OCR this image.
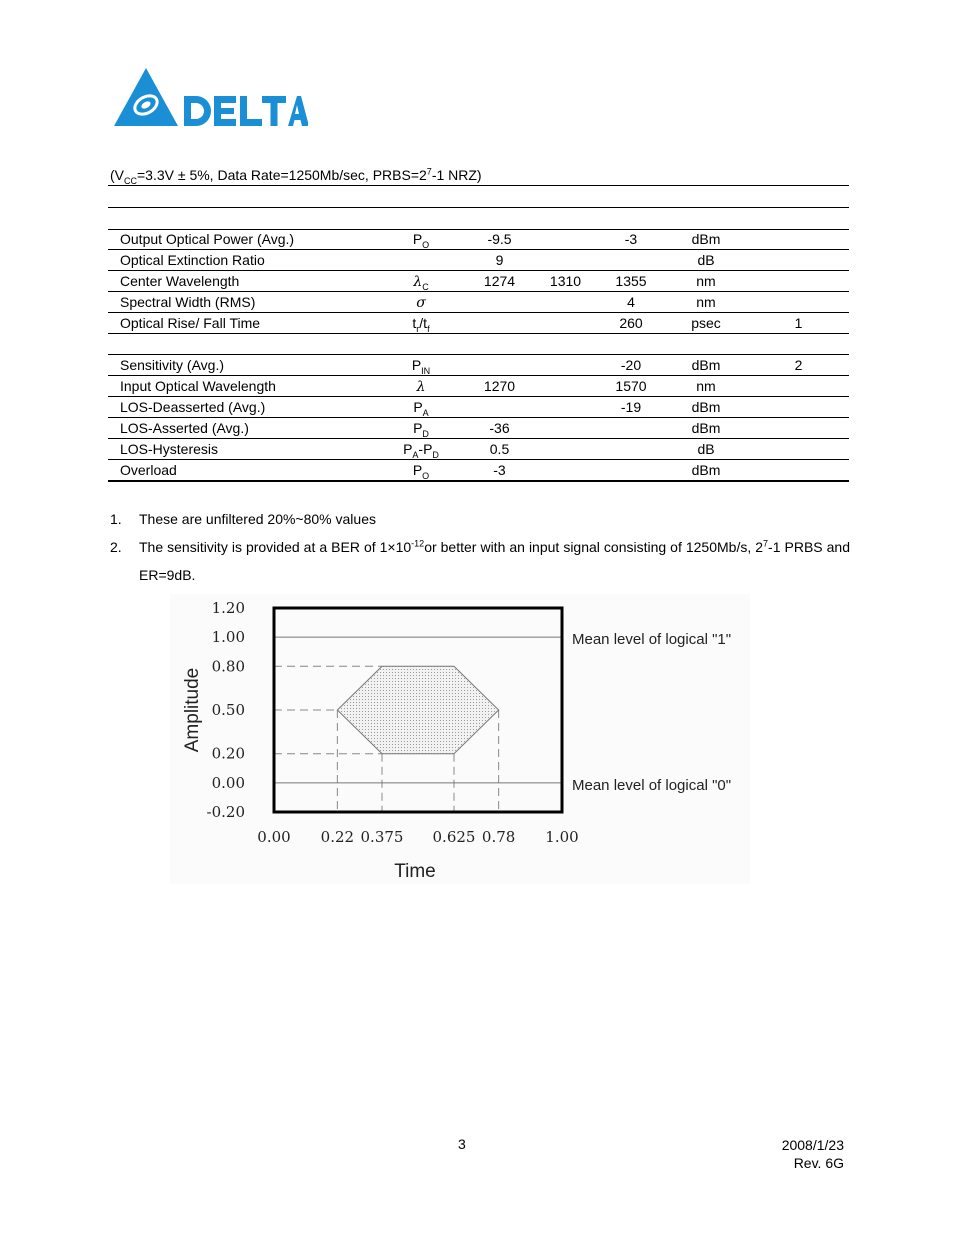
($V_{CC}=3.3V \pm 5\%$, Data Rate=1250Mb/sec, $PRBS=2^7-1$ NRZ)
Output Optical Power (Avg.)	$P_O$	-9.5		-3	dBm	
Optical Extinction Ratio		9			dB	
Center Wavelength	$\lambda_C$	1274	1310	1355	nm	
Spectral Width (RMS)	σ			4	nm	
Optical Rise/ Fall Time	$t_r/t_f$			260	psec	1

Sensitivity (Avg.)	$P_{IN}$			-20	dBm	2
Input Optical Wavelength	λ	1270		1570	nm	
LOS-Deasserted (Avg.)	$P_A$			-19	dBm	
LOS-Asserted (Avg.)	$P_D$	-36			dBm	
LOS-Hysteresis	$P_A-P_D$	0.5			dB	
Overload	$P_O$	-3			dBm	
1. These are unfiltered 20%~80% values
2. The sensitivity is provided at a BER of $1\times 10^{-12}or$ better with an input signal consisting of 1250Mb/s, $2^7-1$ PRBS and ER=9dB.
Mean level of logical "1"
Mean level of logical "0"
1.20
1.00
0.80
0.50
0.20
0.00
-0.20
0.00 0.22 0.375 0.625 0.78 1.00
Time
Amplitude
3	2008/1/23
Rev. 6G
